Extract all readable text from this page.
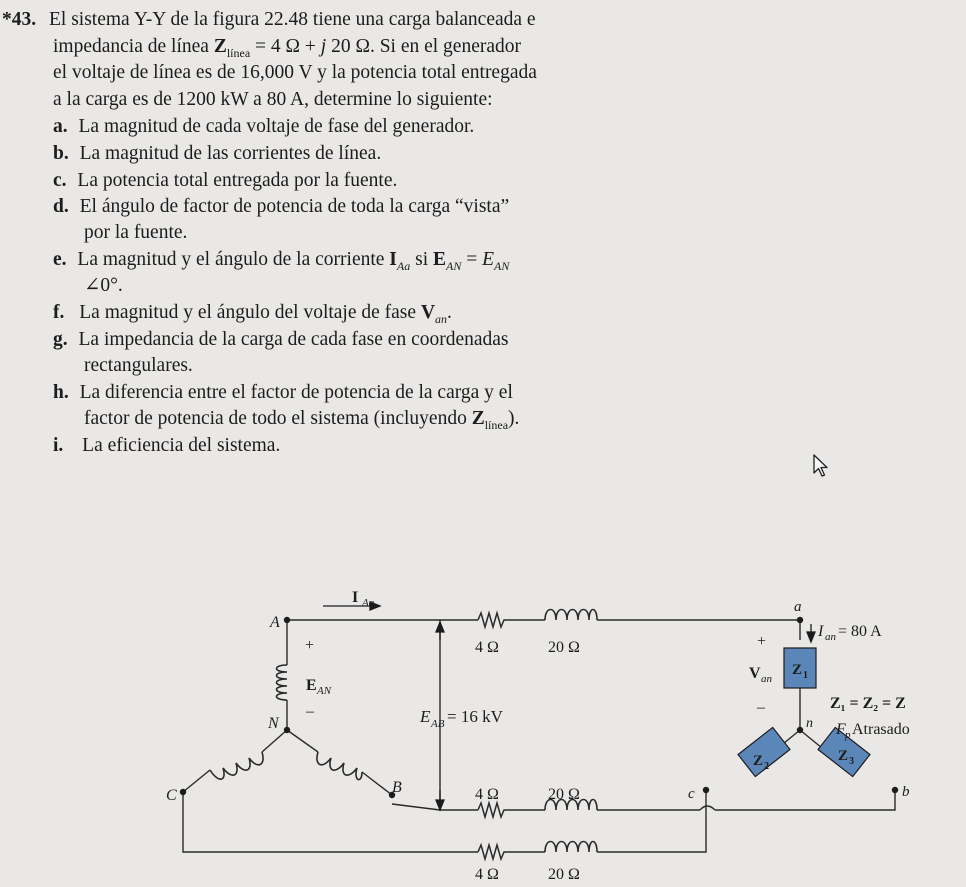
*43. El sistema Y-Y de la figura 22.48 tiene una carga balanceada e
impedancia de línea $Z_{línea} = 4$ Ω + j 20 Ω. Si en el generador
el voltaje de línea es de 16,000 V y la potencia total entregada
a la carga es de 1200 kW a 80 A, determine lo siguiente:
a. La magnitud de cada voltaje de fase del generador.
b. La magnitud de las corrientes de línea.
c. La potencia total entregada por la fuente.
d. El ángulo de factor de potencia de toda la carga “vista”
por la fuente.
e. La magnitud y el ángulo de la corriente $I_{Aa}$ si $E_{AN} = E_{AN}$
∠0°.
f. La magnitud y el ángulo del voltaje de fase $V_{an}$.
g. La impedancia de la carga de cada fase en coordenadas
rectangulares.
h. La diferencia entre el factor de potencia de la carga y el
factor de potencia de todo el sistema (incluyendo $Z_{línea}$).
i. La eficiencia del sistema.
I Aa
A
+
E AN
–
N
C	B
E AB = 16 kV
4 Ω	20 Ω
4 Ω	20 Ω
4 Ω	20 Ω
a
+
I an = 80 A
V an
–
Z 1
Z 2
Z 3
Z₁ = Z₂ = Z
n F p Atrasado
b
c
